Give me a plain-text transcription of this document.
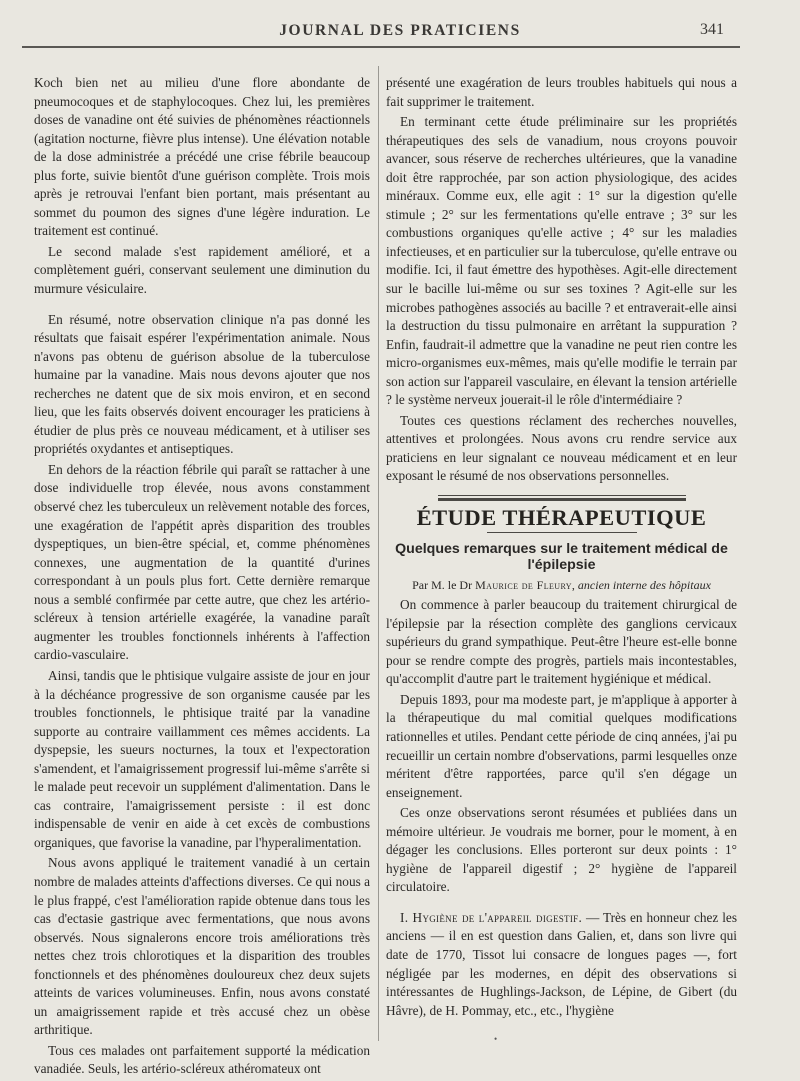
JOURNAL DES PRATICIENS	341

Koch bien net au milieu d'une flore abondante de pneumocoques et de staphylocoques. Chez lui, les premières doses de vanadine ont été suivies de phénomènes réactionnels (agitation nocturne, fièvre plus intense). Une élévation notable de la dose administrée a précédé une crise fébrile beaucoup plus forte, suivie bientôt d'une guérison complète. Trois mois après je retrouvai l'enfant bien portant, mais présentant au sommet du poumon des signes d'une légère induration. Le traitement est continué.

Le second malade s'est rapidement amélioré, et a complètement guéri, conservant seulement une diminution du murmure vésiculaire.

En résumé, notre observation clinique n'a pas donné les résultats que faisait espérer l'expérimentation animale. Nous n'avons pas obtenu de guérison absolue de la tuberculose humaine par la vanadine. Mais nous devons ajouter que nos recherches ne datent que de six mois environ, et en second lieu, que les faits observés doivent encourager les praticiens à étudier de plus près ce nouveau médicament, et à utiliser ses propriétés oxydantes et antiseptiques.

En dehors de la réaction fébrile qui paraît se rattacher à une dose individuelle trop élevée, nous avons constamment observé chez les tuberculeux un relèvement notable des forces, une exagération de l'appétit après disparition des troubles dyspeptiques, un bien-être spécial, et, comme phénomènes connexes, une augmentation de la quantité d'urines correspondant à un pouls plus fort. Cette dernière remarque nous a semblé confirmée par cette autre, que chez les artério-scléreux à tension artérielle exagérée, la vanadine paraît augmenter les troubles fonctionnels inhérents à l'affection cardio-vasculaire.

Ainsi, tandis que le phtisique vulgaire assiste de jour en jour à la déchéance progressive de son organisme causée par les troubles fonctionnels, le phtisique traité par la vanadine supporte au contraire vaillamment ces mêmes accidents. La dyspepsie, les sueurs nocturnes, la toux et l'expectoration s'amendent, et l'amaigrissement progressif lui-même s'arrête si le malade peut recevoir un supplément d'alimentation. Dans le cas contraire, l'amaigrissement persiste : il est donc indispensable de venir en aide à cet excès de combustions organiques, que favorise la vanadine, par l'hyperalimentation.

Nous avons appliqué le traitement vanadié à un certain nombre de malades atteints d'affections diverses. Ce qui nous a le plus frappé, c'est l'amélioration rapide obtenue dans tous les cas d'ectasie gastrique avec fermentations, que nous avons observés. Nous signalerons encore trois améliorations très nettes chez trois chlorotiques et la disparition des troubles fonctionnels et des phénomènes douloureux chez deux sujets atteints de varices volumineuses. Enfin, nous avons constaté un amaigrissement rapide et très accusé chez un obèse arthritique.

Tous ces malades ont parfaitement supporté la médication vanadiée. Seuls, les artério-scléreux athéromateux ont

présenté une exagération de leurs troubles habituels qui nous a fait supprimer le traitement.

En terminant cette étude préliminaire sur les propriétés thérapeutiques des sels de vanadium, nous croyons pouvoir avancer, sous réserve de recherches ultérieures, que la vanadine doit être rapprochée, par son action physiologique, des acides minéraux. Comme eux, elle agit : 1° sur la digestion qu'elle stimule ; 2° sur les fermentations qu'elle entrave ; 3° sur les combustions organiques qu'elle active ; 4° sur les maladies infectieuses, et en particulier sur la tuberculose, qu'elle entrave ou modifie. Ici, il faut émettre des hypothèses. Agit-elle directement sur le bacille lui-même ou sur ses toxines ? Agit-elle sur les microbes pathogènes associés au bacille ? et entraverait-elle ainsi la destruction du tissu pulmonaire en arrêtant la suppuration ? Enfin, faudrait-il admettre que la vanadine ne peut rien contre les micro-organismes eux-mêmes, mais qu'elle modifie le terrain par son action sur l'appareil vasculaire, en élevant la tension artérielle ? le système nerveux jouerait-il le rôle d'intermédiaire ?

Toutes ces questions réclament des recherches nouvelles, attentives et prolongées. Nous avons cru rendre service aux praticiens en leur signalant ce nouveau médicament et en leur exposant le résumé de nos observations personnelles.

ÉTUDE THÉRAPEUTIQUE
Quelques remarques sur le traitement médical de l'épilepsie
Par M. le Dr Maurice de Fleury, ancien interne des hôpitaux

On commence à parler beaucoup du traitement chirurgical de l'épilepsie par la résection complète des ganglions cervicaux supérieurs du grand sympathique. Peut-être l'heure est-elle bonne pour se rendre compte des progrès, partiels mais incontestables, qu'accomplit d'autre part le traitement hygiénique et médical.

Depuis 1893, pour ma modeste part, je m'applique à apporter à la thérapeutique du mal comitial quelques modifications rationnelles et utiles. Pendant cette période de cinq années, j'ai pu recueillir un certain nombre d'observations, parmi lesquelles onze méritent d'être rapportées, parce qu'il s'en dégage un enseignement.

Ces onze observations seront résumées et publiées dans un mémoire ultérieur. Je voudrais me borner, pour le moment, à en dégager les conclusions. Elles porteront sur deux points : 1° hygiène de l'appareil digestif ; 2° hygiène de l'appareil circulatoire.

I. Hygiène de l'appareil digestif. — Très en honneur chez les anciens — il en est question dans Galien, et, dans son livre qui date de 1770, Tissot lui consacre de longues pages —, fort négligée par les modernes, en dépit des observations si intéressantes de Hughlings-Jackson, de Lépine, de Gibert (du Hâvre), de H. Pommay, etc., etc., l'hygiène

•
